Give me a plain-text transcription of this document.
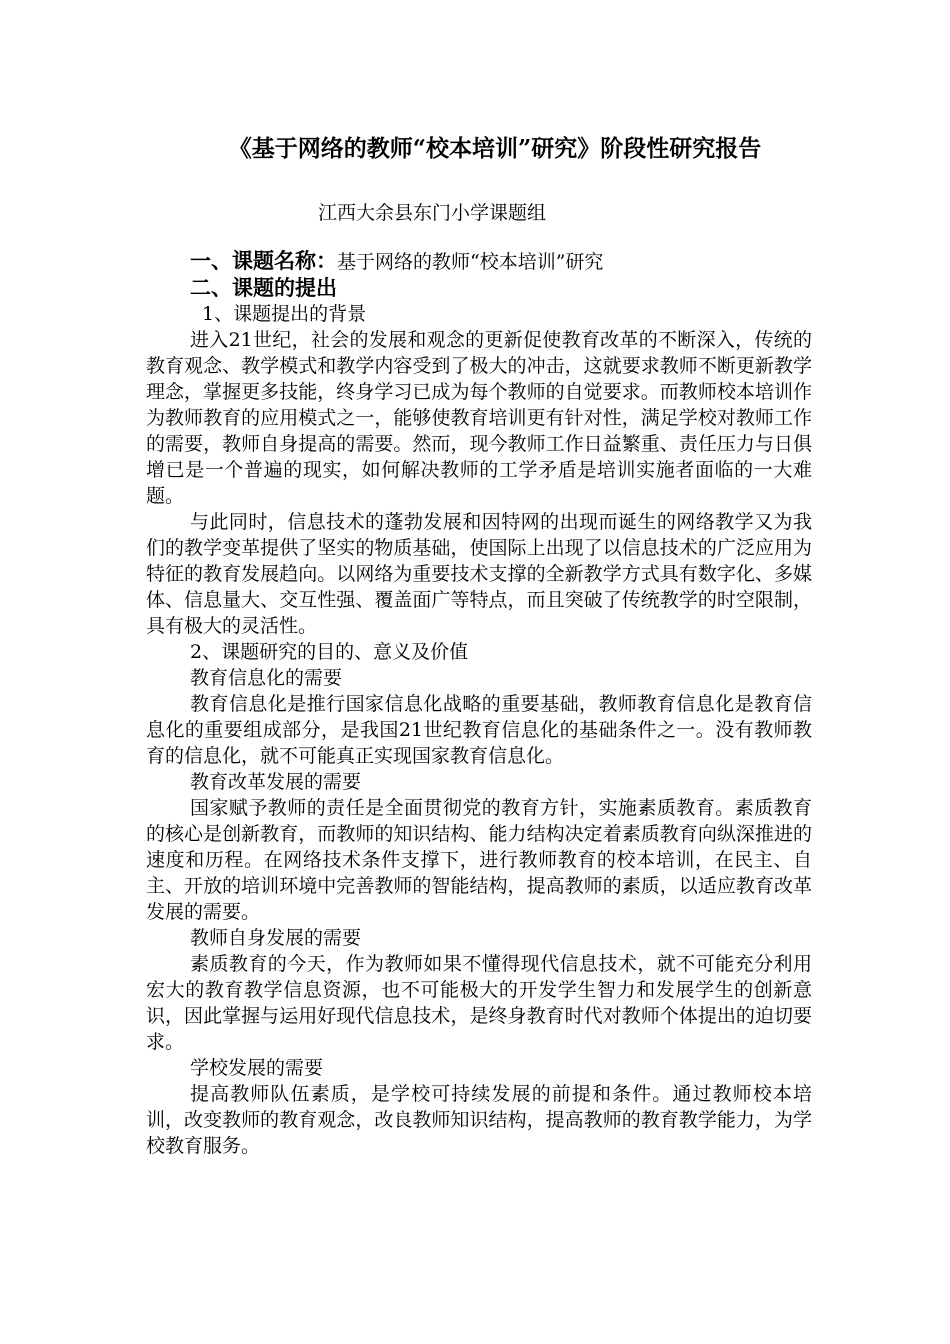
《基于网络的教师“校本培训”研究》阶段性研究报告
江西大余县东门小学课题组
一、课题名称：基于网络的教师“校本培训”研究
二、课题的提出
1、课题提出的背景
进入21世纪，社会的发展和观念的更新促使教育改革的不断深入，传统的教育观念、教学模式和教学内容受到了极大的冲击，这就要求教师不断更新教学理念，掌握更多技能，终身学习已成为每个教师的自觉要求。而教师校本培训作为教师教育的应用模式之一，能够使教育培训更有针对性，满足学校对教师工作的需要，教师自身提高的需要。然而，现今教师工作日益繁重、责任压力与日俱增已是一个普遍的现实，如何解决教师的工学矛盾是培训实施者面临的一大难题。
与此同时，信息技术的蓬勃发展和因特网的出现而诞生的网络教学又为我们的教学变革提供了坚实的物质基础，使国际上出现了以信息技术的广泛应用为特征的教育发展趋向。以网络为重要技术支撑的全新教学方式具有数字化、多媒体、信息量大、交互性强、覆盖面广等特点，而且突破了传统教学的时空限制，具有极大的灵活性。
2、课题研究的目的、意义及价值
教育信息化的需要
教育信息化是推行国家信息化战略的重要基础，教师教育信息化是教育信息化的重要组成部分，是我国21世纪教育信息化的基础条件之一。没有教师教育的信息化，就不可能真正实现国家教育信息化。
教育改革发展的需要
国家赋予教师的责任是全面贯彻党的教育方针，实施素质教育。素质教育的核心是创新教育，而教师的知识结构、能力结构决定着素质教育向纵深推进的速度和历程。在网络技术条件支撑下，进行教师教育的校本培训，在民主、自主、开放的培训环境中完善教师的智能结构，提高教师的素质，以适应教育改革发展的需要。
教师自身发展的需要
素质教育的今天，作为教师如果不懂得现代信息技术，就不可能充分利用宏大的教育教学信息资源，也不可能极大的开发学生智力和发展学生的创新意识，因此掌握与运用好现代信息技术，是终身教育时代对教师个体提出的迫切要求。
学校发展的需要
提高教师队伍素质，是学校可持续发展的前提和条件。通过教师校本培训，改变教师的教育观念，改良教师知识结构，提高教师的教育教学能力，为学校教育服务。
